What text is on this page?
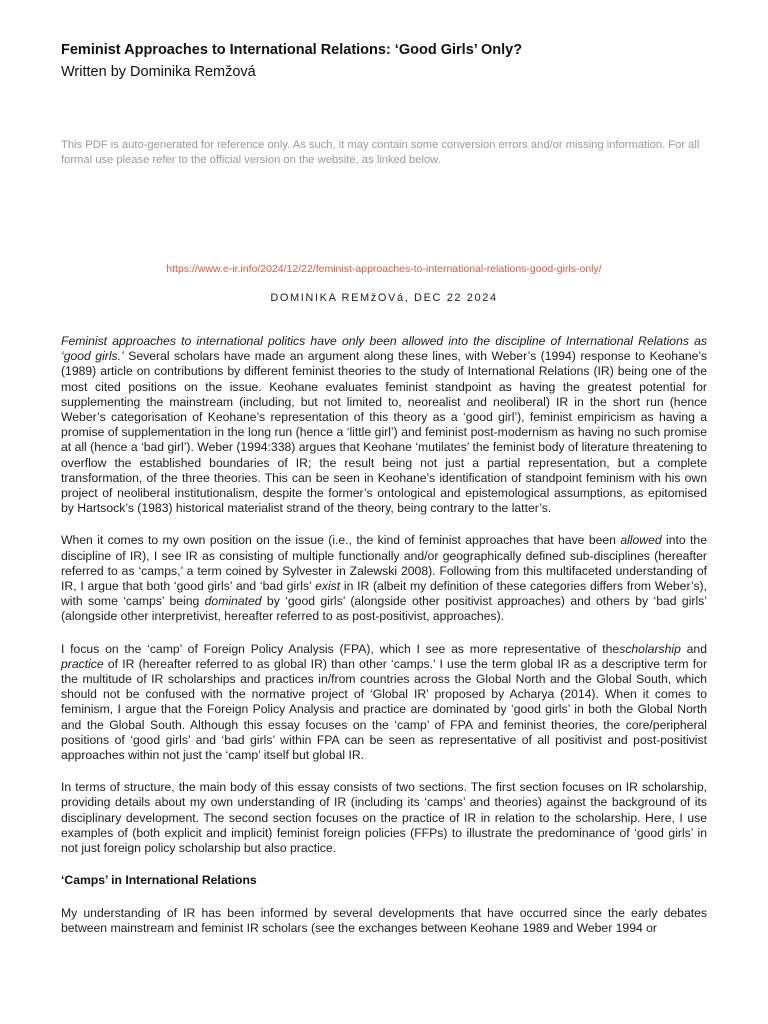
Feminist Approaches to International Relations: ‘Good Girls’ Only?
Written by Dominika Remžová
This PDF is auto-generated for reference only. As such, it may contain some conversion errors and/or missing information. For all formal use please refer to the official version on the website, as linked below.
https://www.e-ir.info/2024/12/22/feminist-approaches-to-international-relations-good-girls-only/
DOMINIKA REMžOVá, DEC 22 2024

Feminist approaches to international politics have only been allowed into the discipline of International Relations as ‘good girls.’ Several scholars have made an argument along these lines, with Weber’s (1994) response to Keohane’s (1989) article on contributions by different feminist theories to the study of International Relations (IR) being one of the most cited positions on the issue. Keohane evaluates feminist standpoint as having the greatest potential for supplementing the mainstream (including, but not limited to, neorealist and neoliberal) IR in the short run (hence Weber’s categorisation of Keohane’s representation of this theory as a ‘good girl’), feminist empiricism as having a promise of supplementation in the long run (hence a ‘little girl’) and feminist post-modernism as having no such promise at all (hence a ‘bad girl’). Weber (1994:338) argues that Keohane ‘mutilates’ the feminist body of literature threatening to overflow the established boundaries of IR; the result being not just a partial representation, but a complete transformation, of the three theories. This can be seen in Keohane’s identification of standpoint feminism with his own project of neoliberal institutionalism, despite the former’s ontological and epistemological assumptions, as epitomised by Hartsock’s (1983) historical materialist strand of the theory, being contrary to the latter’s.

When it comes to my own position on the issue (i.e., the kind of feminist approaches that have been allowed into the discipline of IR), I see IR as consisting of multiple functionally and/or geographically defined sub-disciplines (hereafter referred to as ‘camps,’ a term coined by Sylvester in Zalewski 2008). Following from this multifaceted understanding of IR, I argue that both ‘good girls’ and ‘bad girls’ exist in IR (albeit my definition of these categories differs from Weber’s), with some ‘camps’ being dominated by ‘good girls’ (alongside other positivist approaches) and others by ‘bad girls’ (alongside other interpretivist, hereafter referred to as post-positivist, approaches).

I focus on the ‘camp’ of Foreign Policy Analysis (FPA), which I see as more representative of thescholarship and practice of IR (hereafter referred to as global IR) than other ‘camps.’ I use the term global IR as a descriptive term for the multitude of IR scholarships and practices in/from countries across the Global North and the Global South, which should not be confused with the normative project of ‘Global IR’ proposed by Acharya (2014). When it comes to feminism, I argue that the Foreign Policy Analysis and practice are dominated by ‘good girls’ in both the Global North and the Global South. Although this essay focuses on the ‘camp’ of FPA and feminist theories, the core/peripheral positions of ‘good girls’ and ‘bad girls’ within FPA can be seen as representative of all positivist and post-positivist approaches within not just the ‘camp’ itself but global IR.

In terms of structure, the main body of this essay consists of two sections. The first section focuses on IR scholarship, providing details about my own understanding of IR (including its ‘camps’ and theories) against the background of its disciplinary development. The second section focuses on the practice of IR in relation to the scholarship. Here, I use examples of (both explicit and implicit) feminist foreign policies (FFPs) to illustrate the predominance of ‘good girls’ in not just foreign policy scholarship but also practice.

‘Camps’ in International Relations

My understanding of IR has been informed by several developments that have occurred since the early debates between mainstream and feminist IR scholars (see the exchanges between Keohane 1989 and Weber 1994 or
